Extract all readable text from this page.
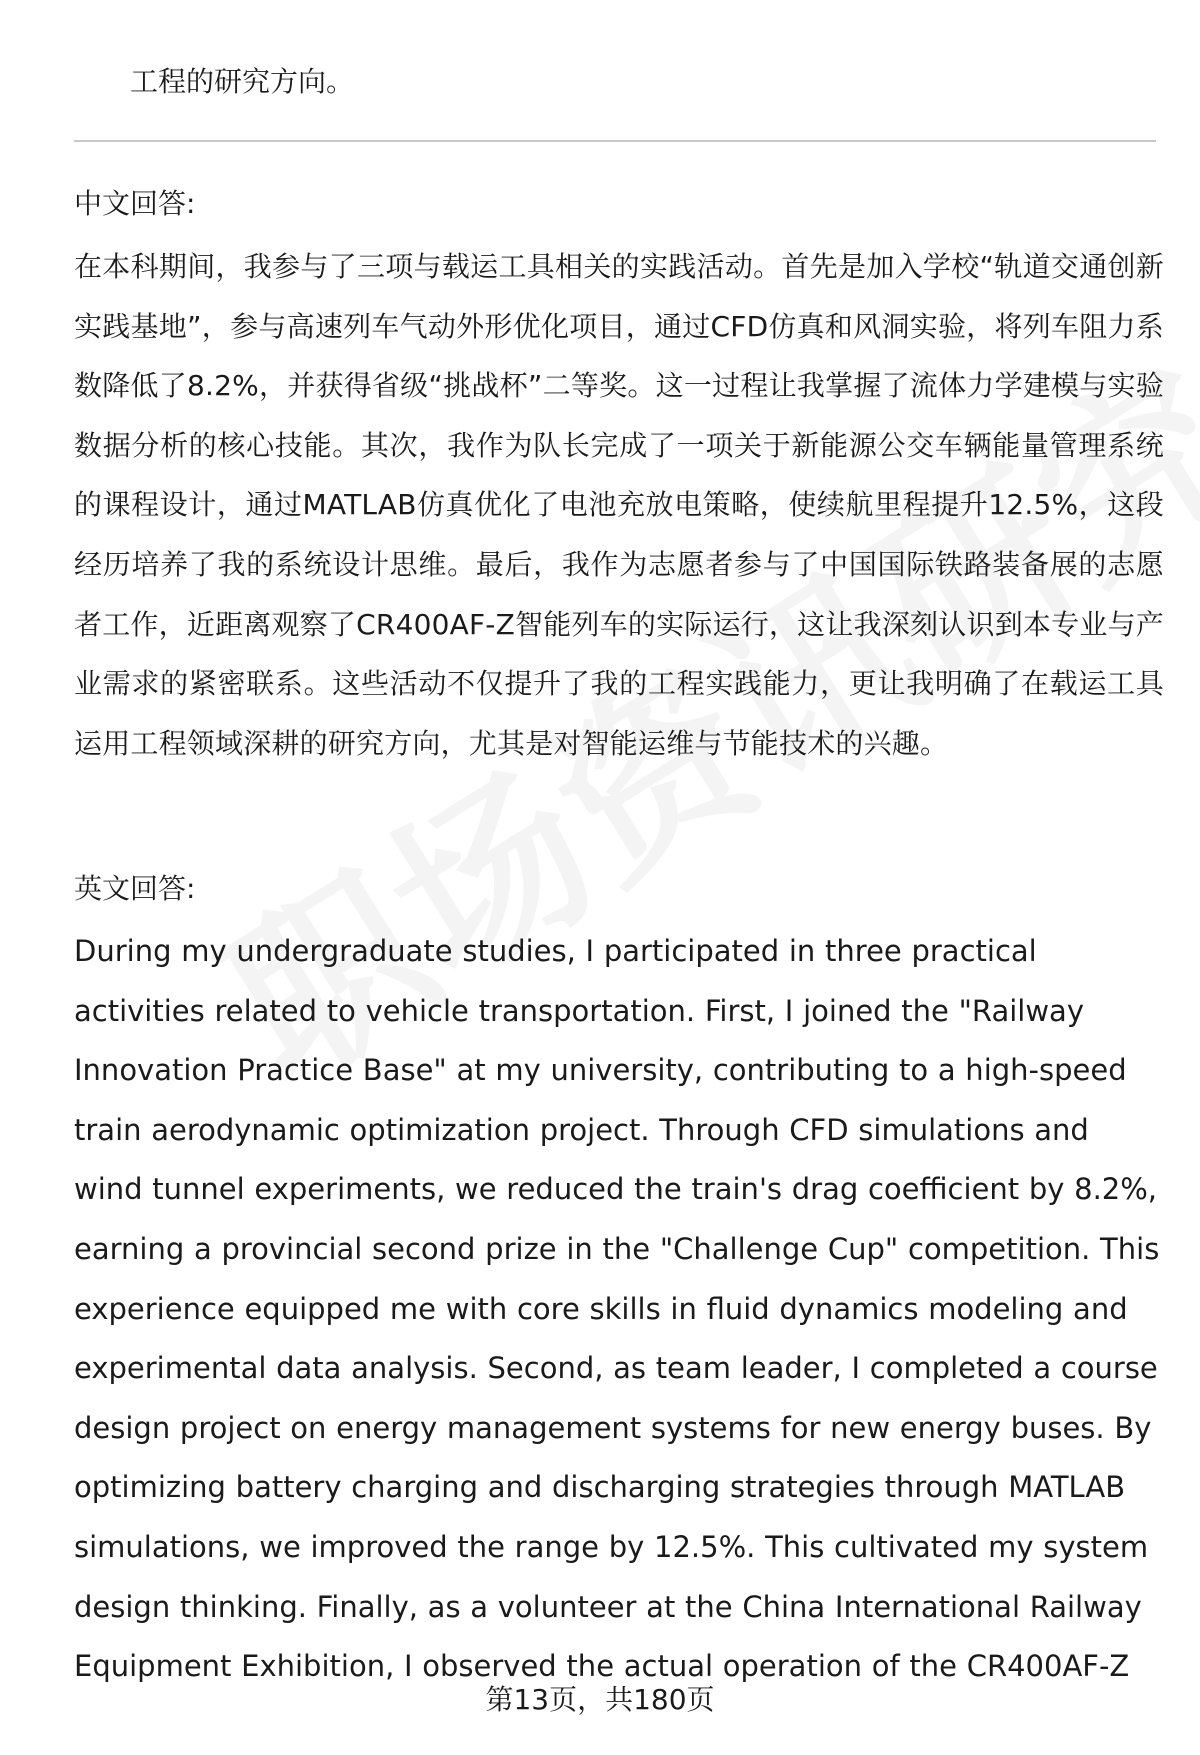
工程的研究方向。
中文回答:
在本科期间，我参与了三项与载运工具相关的实践活动。首先是加入学校“轨道交通创新实践基地”，参与高速列车气动外形优化项目，通过CFD仿真和风洞实验，将列车阻力系数降低了8.2%，并获得省级“挑战杯”二等奖。这一过程让我掌握了流体力学建模与实验数据分析的核心技能。其次，我作为队长完成了一项关于新能源公交车辆能量管理系统的课程设计，通过MATLAB仿真优化了电池充放电策略，使续航里程提升12.5%，这段经历培养了我的系统设计思维。最后，我作为志愿者参与了中国国际铁路装备展的志愿者工作，近距离观察了CR400AF-Z智能列车的实际运行，这让我深刻认识到本专业与产业需求的紧密联系。这些活动不仅提升了我的工程实践能力，更让我明确了在载运工具运用工程领域深耕的研究方向，尤其是对智能运维与节能技术的兴趣。
英文回答:
During my undergraduate studies, I participated in three practical activities related to vehicle transportation. First, I joined the "Railway Innovation Practice Base" at my university, contributing to a high-speed train aerodynamic optimization project. Through CFD simulations and wind tunnel experiments, we reduced the train's drag coefficient by 8.2%, earning a provincial second prize in the "Challenge Cup" competition. This experience equipped me with core skills in fluid dynamics modeling and experimental data analysis. Second, as team leader, I completed a course design project on energy management systems for new energy buses. By optimizing battery charging and discharging strategies through MATLAB simulations, we improved the range by 12.5%. This cultivated my system design thinking. Finally, as a volunteer at the China International Railway Equipment Exhibition, I observed the actual operation of the CR400AF-Z
第13页，共180页
